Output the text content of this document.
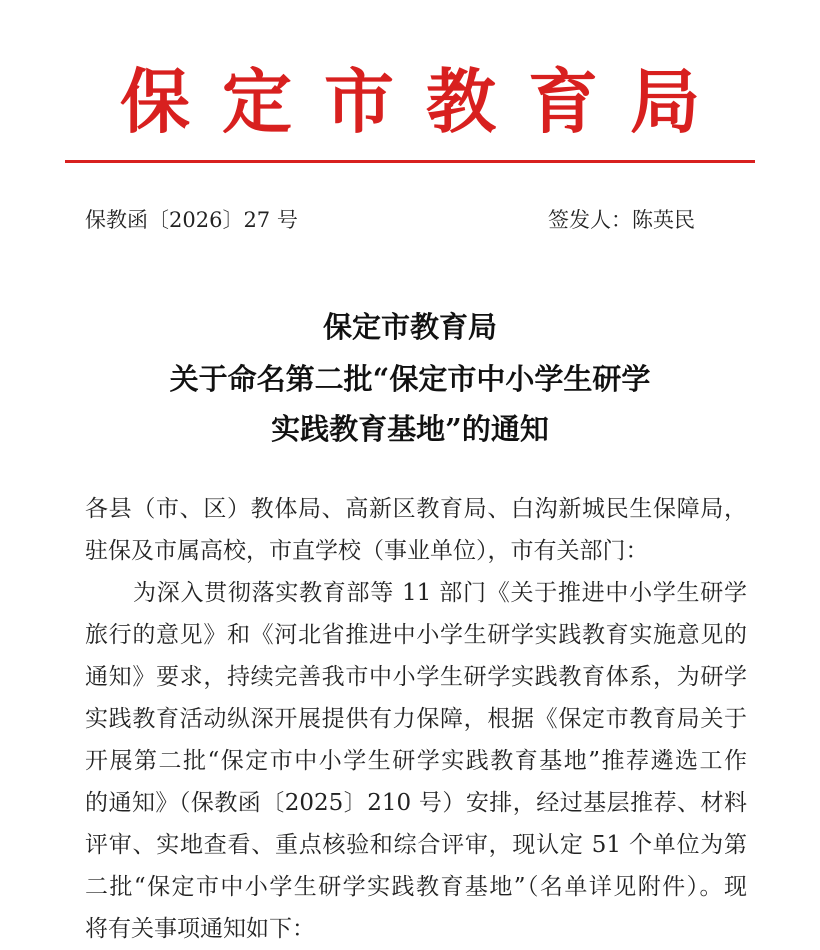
保 定 市 教 育 局
保教函〔2026〕27 号	签发人：陈英民
保定市教育局
关于命名第二批“保定市中小学生研学
实践教育基地”的通知
各县（市、区）教体局、高新区教育局、白沟新城民生保障局，
驻保及市属高校，市直学校（事业单位），市有关部门：
为深入贯彻落实教育部等 11 部门《关于推进中小学生研学
旅行的意见》和《河北省推进中小学生研学实践教育实施意见的
通知》要求，持续完善我市中小学生研学实践教育体系，为研学
实践教育活动纵深开展提供有力保障，根据《保定市教育局关于
开展第二批“保定市中小学生研学实践教育基地”推荐遴选工作
的通知》（保教函〔2025〕210 号）安排，经过基层推荐、材料
评审、实地查看、重点核验和综合评审，现认定 51 个单位为第
二批“保定市中小学生研学实践教育基地”（名单详见附件）。现
将有关事项通知如下：
